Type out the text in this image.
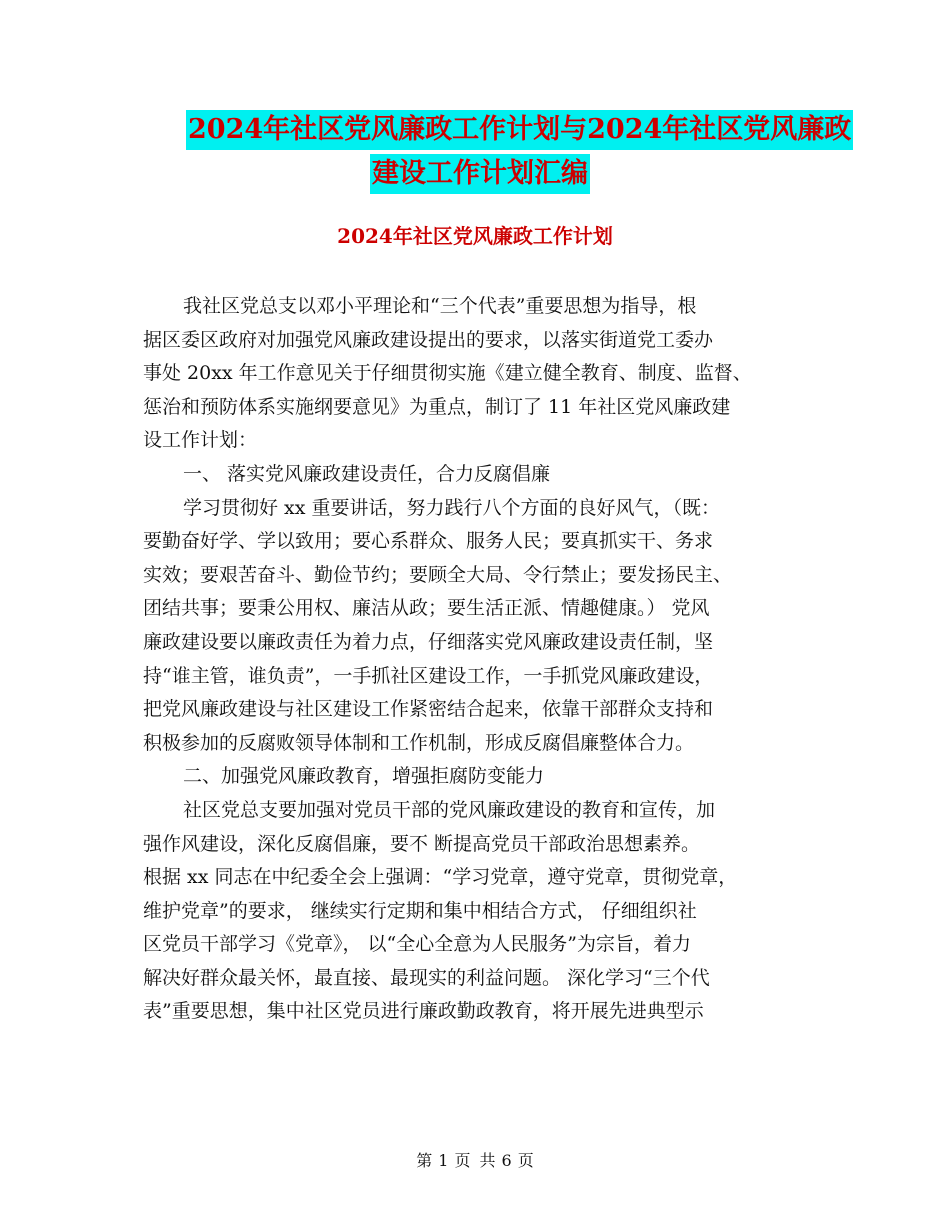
2024年社区党风廉政工作计划与2024年社区党风廉政
建设工作计划汇编
2024年社区党风廉政工作计划
我社区党总支以邓小平理论和“三个代表”重要思想为指导，根
据区委区政府对加强党风廉政建设提出的要求，以落实街道党工委办
事处 20xx 年工作意见关于仔细贯彻实施《建立健全教育、制度、监督、
惩治和预防体系实施纲要意见》为重点，制订了 11 年社区党风廉政建
设工作计划：
一、 落实党风廉政建设责任，合力反腐倡廉
学习贯彻好 xx 重要讲话，努力践行八个方面的良好风气，（既：
要勤奋好学、学以致用；要心系群众、服务人民；要真抓实干、务求
实效；要艰苦奋斗、勤俭节约；要顾全大局、令行禁止；要发扬民主、
团结共事；要秉公用权、廉洁从政；要生活正派、情趣健康。） 党风
廉政建设要以廉政责任为着力点，仔细落实党风廉政建设责任制，坚
持“谁主管，谁负责”，一手抓社区建设工作，一手抓党风廉政建设，
把党风廉政建设与社区建设工作紧密结合起来，依靠干部群众支持和
积极参加的反腐败领导体制和工作机制，形成反腐倡廉整体合力。
二、加强党风廉政教育，增强拒腐防变能力
社区党总支要加强对党员干部的党风廉政建设的教育和宣传，加
强作风建设，深化反腐倡廉，要不 断提高党员干部政治思想素养。
根据 xx 同志在中纪委全会上强调：“学习党章，遵守党章，贯彻党章，
维护党章”的要求， 继续实行定期和集中相结合方式， 仔细组织社
区党员干部学习《党章》， 以“全心全意为人民服务”为宗旨，着力
解决好群众最关怀，最直接、最现实的利益问题。 深化学习“三个代
表”重要思想，集中社区党员进行廉政勤政教育，将开展先进典型示
第 1 页 共 6 页
